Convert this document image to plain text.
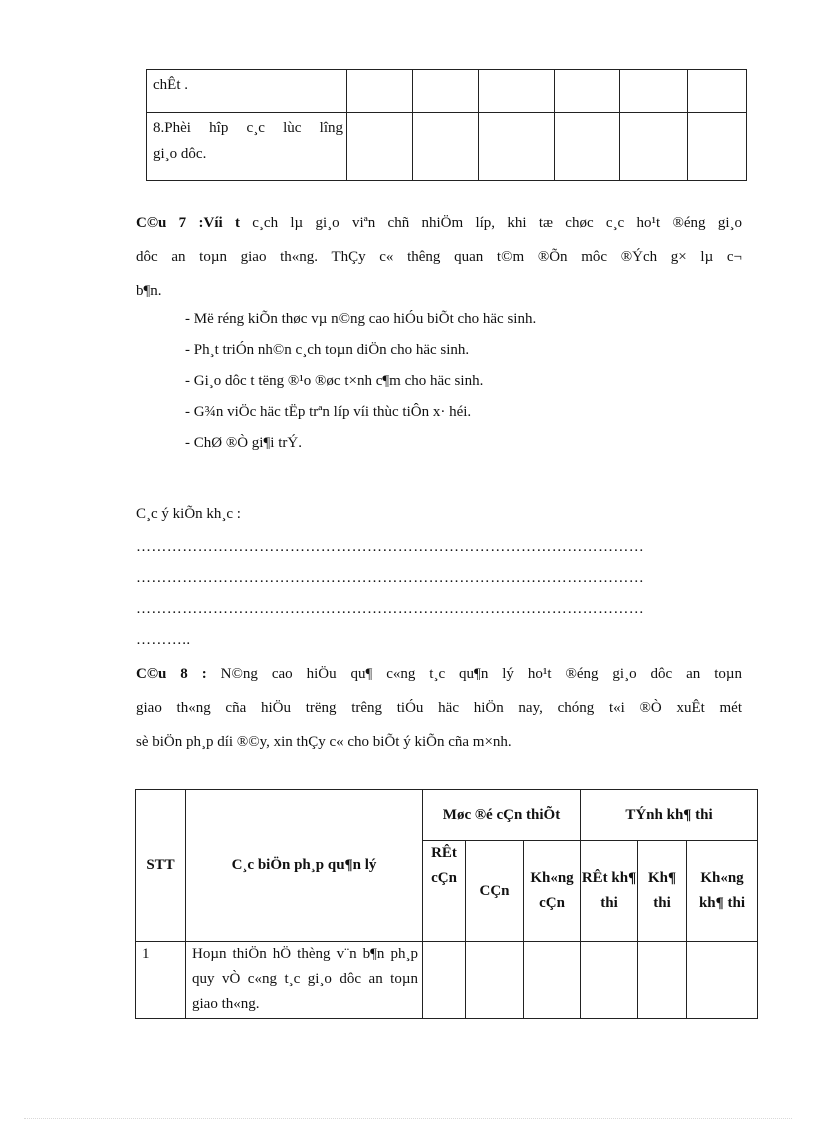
chÊt .						

8.Phèi hîp c¸c lùc lîng
gi¸o dôc.						

C©u 7 :Víi t c¸ch lµ gi¸o viªn chñ nhiÖm líp, khi tæ chøc c¸c ho¹t ®éng gi¸o
dôc an toµn giao th«ng. ThÇy c« thêng quan t©m ®Õn môc ®Ých g× lµ c¬
b¶n.
- Më réng kiÕn thøc vµ n©ng cao hiÓu biÕt cho häc sinh.
- Ph¸t triÓn nh©n c¸ch toµn diÖn cho häc sinh.
- Gi¸o dôc t tëng ®¹o ®øc t×nh c¶m cho häc sinh.
- G¾n viÖc häc tËp trªn líp víi thùc tiÔn x· héi.
- ChØ ®Ò gi¶i trÝ.
C¸c ý kiÕn kh¸c :
………………………………………………………………………………………
………………………………………………………………………………………
………………………………………………………………………………………
………..
C©u 8 : N©ng cao hiÖu qu¶ c«ng t¸c qu¶n lý ho¹t ®éng gi¸o dôc an toµn
giao th«ng cña hiÖu trëng trêng tiÓu häc hiÖn nay, chóng t«i ®Ò xuÊt mét
sè biÖn ph¸p díi ®©y, xin thÇy c« cho biÕt ý kiÕn cña m×nh.
STT	C¸c biÖn ph¸p qu¶n lý	Møc ®é cÇn thiÕt			TÝnh kh¶ thi		
		RÊt cÇn	CÇn	Kh«ng cÇn	RÊt kh¶ thi	Kh¶ thi	Kh«ng kh¶ thi
1	Hoµn thiÖn hÖ thèng v¨n b¶n ph¸p quy vÒ c«ng t¸c gi¸o dôc an toµn giao th«ng.						
